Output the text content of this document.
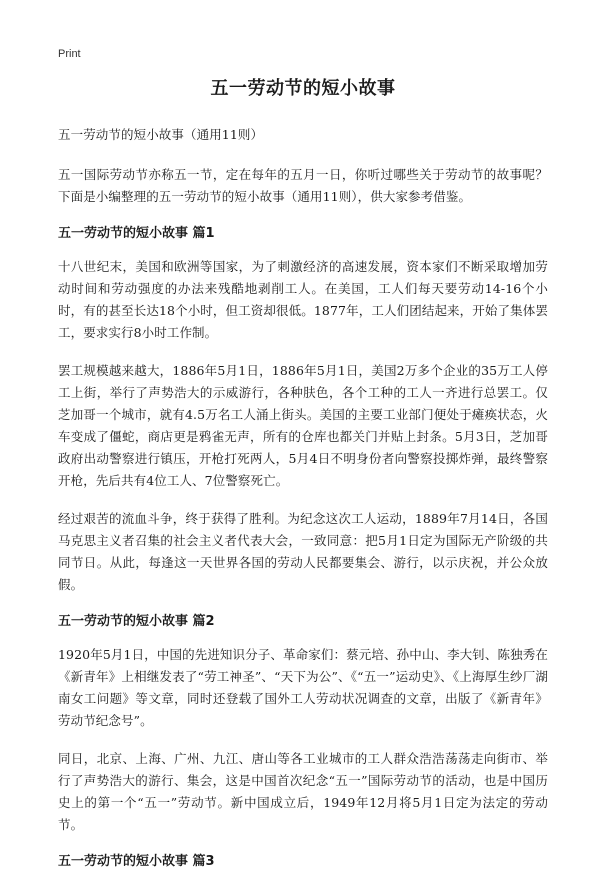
Print
五一劳动节的短小故事

五一劳动节的短小故事（通用11则）

五一国际劳动节亦称五一节，定在每年的五月一日，你听过哪些关于劳动节的故事呢？下面是小编整理的五一劳动节的短小故事（通用11则），供大家参考借鉴。

五一劳动节的短小故事 篇1

十八世纪末，美国和欧洲等国家，为了刺激经济的高速发展，资本家们不断采取增加劳动时间和劳动强度的办法来残酷地剥削工人。在美国，工人们每天要劳动14-16个小时，有的甚至长达18个小时，但工资却很低。1877年，工人们团结起来，开始了集体罢工，要求实行8小时工作制。

罢工规模越来越大，1886年5月1日，1886年5月1日，美国2万多个企业的35万工人停工上街，举行了声势浩大的示威游行，各种肤色，各个工种的工人一齐进行总罢工。仅芝加哥一个城市，就有4.5万名工人涌上街头。美国的主要工业部门便处于瘫痪状态，火车变成了僵蛇，商店更是鸦雀无声，所有的仓库也都关门并贴上封条。5月3日，芝加哥政府出动警察进行镇压，开枪打死两人，5月4日不明身份者向警察投掷炸弹，最终警察开枪，先后共有4位工人、7位警察死亡。

经过艰苦的流血斗争，终于获得了胜利。为纪念这次工人运动，1889年7月14日，各国马克思主义者召集的社会主义者代表大会，一致同意：把5月1日定为国际无产阶级的共同节日。从此，每逢这一天世界各国的劳动人民都要集会、游行，以示庆祝，并公众放假。

五一劳动节的短小故事 篇2

1920年5月1日，中国的先进知识分子、革命家们：蔡元培、孙中山、李大钊、陈独秀在《新青年》上相继发表了“劳工神圣”、“天下为公”、《“五一”运动史》、《上海厚生纱厂湖南女工问题》等文章，同时还登载了国外工人劳动状况调查的文章，出版了《新青年》劳动节纪念号”。

同日，北京、上海、广州、九江、唐山等各工业城市的工人群众浩浩荡荡走向街市、举行了声势浩大的游行、集会，这是中国首次纪念“五一”国际劳动节的活动，也是中国历史上的第一个“五一”劳动节。新中国成立后，1949年12月将5月1日定为法定的劳动节。

五一劳动节的短小故事 篇3
